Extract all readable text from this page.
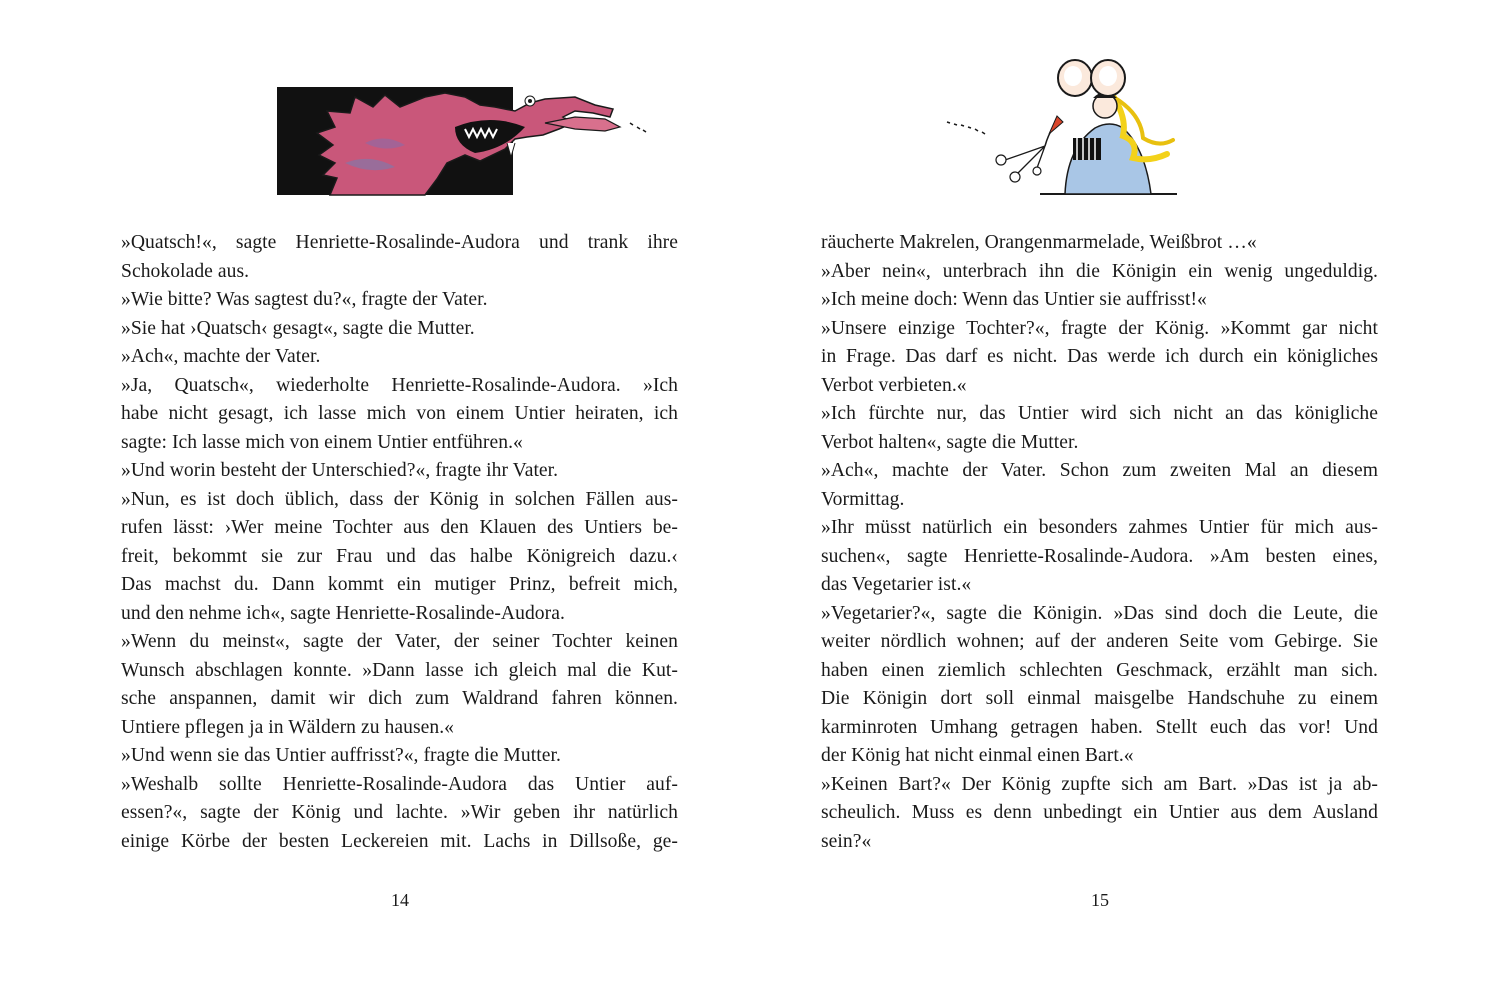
»Quatsch!«, sagte Henriette-Rosalinde-Audora und trank ihre
Schokolade aus.
»Wie bitte? Was sagtest du?«, fragte der Vater.
»Sie hat ›Quatsch‹ gesagt«, sagte die Mutter.
»Ach«, machte der Vater.
»Ja, Quatsch«, wiederholte Henriette-Rosalinde-Audora. »Ich
habe nicht gesagt, ich lasse mich von einem Untier heiraten, ich
sagte: Ich lasse mich von einem Untier entführen.«
»Und worin besteht der Unterschied?«, fragte ihr Vater.
»Nun, es ist doch üblich, dass der König in solchen Fällen aus-
rufen lässt: ›Wer meine Tochter aus den Klauen des Untiers be-
freit, bekommt sie zur Frau und das halbe Königreich dazu.‹
Das machst du. Dann kommt ein mutiger Prinz, befreit mich,
und den nehme ich«, sagte Henriette-Rosalinde-Audora.
»Wenn du meinst«, sagte der Vater, der seiner Tochter keinen
Wunsch abschlagen konnte. »Dann lasse ich gleich mal die Kut-
sche anspannen, damit wir dich zum Waldrand fahren können.
Untiere pflegen ja in Wäldern zu hausen.«
»Und wenn sie das Untier auffrisst?«, fragte die Mutter.
»Weshalb sollte Henriette-Rosalinde-Audora das Untier auf-
essen?«, sagte der König und lachte. »Wir geben ihr natürlich
einige Körbe der besten Leckereien mit. Lachs in Dillsoße, ge-
14
räucherte Makrelen, Orangenmarmelade, Weißbrot …«
»Aber nein«, unterbrach ihn die Königin ein wenig ungeduldig.
»Ich meine doch: Wenn das Untier sie auffrisst!«
»Unsere einzige Tochter?«, fragte der König. »Kommt gar nicht
in Frage. Das darf es nicht. Das werde ich durch ein königliches
Verbot verbieten.«
»Ich fürchte nur, das Untier wird sich nicht an das königliche
Verbot halten«, sagte die Mutter.
»Ach«, machte der Vater. Schon zum zweiten Mal an diesem
Vormittag.
»Ihr müsst natürlich ein besonders zahmes Untier für mich aus-
suchen«, sagte Henriette-Rosalinde-Audora. »Am besten eines,
das Vegetarier ist.«
»Vegetarier?«, sagte die Königin. »Das sind doch die Leute, die
weiter nördlich wohnen; auf der anderen Seite vom Gebirge. Sie
haben einen ziemlich schlechten Geschmack, erzählt man sich.
Die Königin dort soll einmal maisgelbe Handschuhe zu einem
karminroten Umhang getragen haben. Stellt euch das vor! Und
der König hat nicht einmal einen Bart.«
»Keinen Bart?« Der König zupfte sich am Bart. »Das ist ja ab-
scheulich. Muss es denn unbedingt ein Untier aus dem Ausland
sein?«
15
